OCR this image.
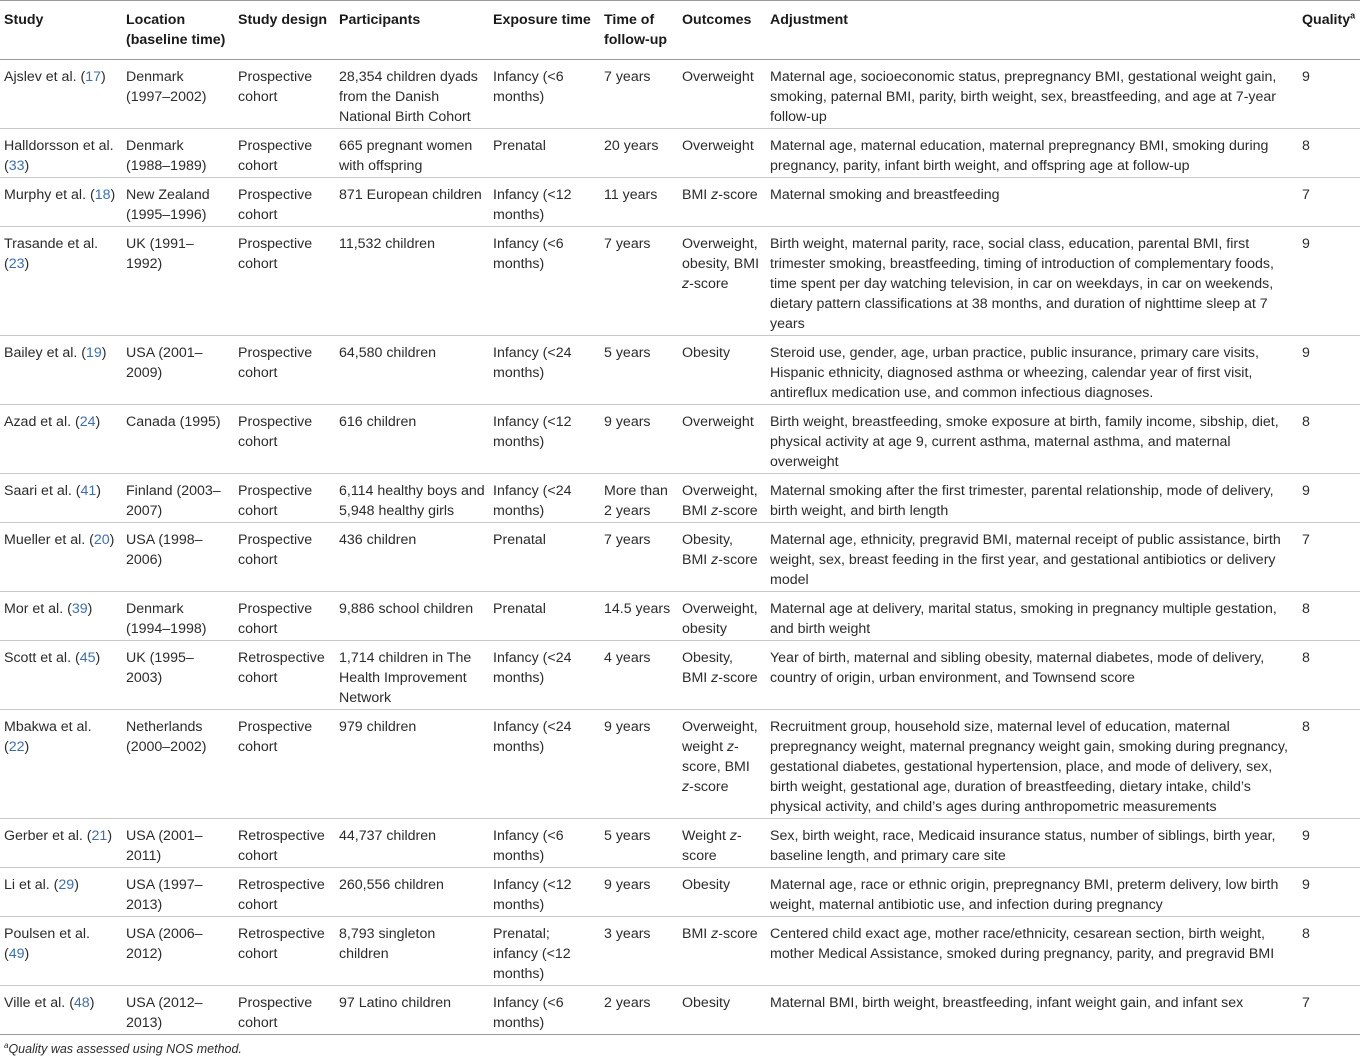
Study	Location (baseline time)	Study design	Participants	Exposure time	Time of follow-up	Outcomes	Adjustment	Quality$^a$
Ajslev et al. (17)	Denmark (1997–2002)	Prospective cohort	28,354 children dyads from the Danish National Birth Cohort	Infancy (<6 months)	7 years	Overweight	Maternal age, socioeconomic status, prepregnancy BMI, gestational weight gain, smoking, paternal BMI, parity, birth weight, sex, breastfeeding, and age at 7-year follow-up	9
Halldorsson et al. (33)	Denmark (1988–1989)	Prospective cohort	665 pregnant women with offspring	Prenatal	20 years	Overweight	Maternal age, maternal education, maternal prepregnancy BMI, smoking during pregnancy, parity, infant birth weight, and offspring age at follow-up	8
Murphy et al. (18)	New Zealand (1995–1996)	Prospective cohort	871 European children	Infancy (<12 months)	11 years	BMI z-score	Maternal smoking and breastfeeding	7
Trasande et al. (23)	UK (1991–1992)	Prospective cohort	11,532 children	Infancy (<6 months)	7 years	Overweight, obesity, BMI z-score	Birth weight, maternal parity, race, social class, education, parental BMI, first trimester smoking, breastfeeding, timing of introduction of complementary foods, time spent per day watching television, in car on weekdays, in car on weekends, dietary pattern classifications at 38 months, and duration of nighttime sleep at 7 years	9
Bailey et al. (19)	USA (2001–2009)	Prospective cohort	64,580 children	Infancy (<24 months)	5 years	Obesity	Steroid use, gender, age, urban practice, public insurance, primary care visits, Hispanic ethnicity, diagnosed asthma or wheezing, calendar year of first visit, antireflux medication use, and common infectious diagnoses.	9
Azad et al. (24)	Canada (1995)	Prospective cohort	616 children	Infancy (<12 months)	9 years	Overweight	Birth weight, breastfeeding, smoke exposure at birth, family income, sibship, diet, physical activity at age 9, current asthma, maternal asthma, and maternal overweight	8
Saari et al. (41)	Finland (2003–2007)	Prospective cohort	6,114 healthy boys and 5,948 healthy girls	Infancy (<24 months)	More than 2 years	Overweight, BMI z-score	Maternal smoking after the first trimester, parental relationship, mode of delivery, birth weight, and birth length	9
Mueller et al. (20)	USA (1998–2006)	Prospective cohort	436 children	Prenatal	7 years	Obesity, BMI z-score	Maternal age, ethnicity, pregravid BMI, maternal receipt of public assistance, birth weight, sex, breast feeding in the first year, and gestational antibiotics or delivery model	7
Mor et al. (39)	Denmark (1994–1998)	Prospective cohort	9,886 school children	Prenatal	14.5 years	Overweight, obesity	Maternal age at delivery, marital status, smoking in pregnancy multiple gestation, and birth weight	8
Scott et al. (45)	UK (1995–2003)	Retrospective cohort	1,714 children in The Health Improvement Network	Infancy (<24 months)	4 years	Obesity, BMI z-score	Year of birth, maternal and sibling obesity, maternal diabetes, mode of delivery, country of origin, urban environment, and Townsend score	8
Mbakwa et al. (22)	Netherlands (2000–2002)	Prospective cohort	979 children	Infancy (<24 months)	9 years	Overweight, weight z-score, BMI z-score	Recruitment group, household size, maternal level of education, maternal prepregnancy weight, maternal pregnancy weight gain, smoking during pregnancy, gestational diabetes, gestational hypertension, place, and mode of delivery, sex, birth weight, gestational age, duration of breastfeeding, dietary intake, child’s physical activity, and child’s ages during anthropometric measurements	8
Gerber et al. (21)	USA (2001–2011)	Retrospective cohort	44,737 children	Infancy (<6 months)	5 years	Weight z-score	Sex, birth weight, race, Medicaid insurance status, number of siblings, birth year, baseline length, and primary care site	9
Li et al. (29)	USA (1997–2013)	Retrospective cohort	260,556 children	Infancy (<12 months)	9 years	Obesity	Maternal age, race or ethnic origin, prepregnancy BMI, preterm delivery, low birth weight, maternal antibiotic use, and infection during pregnancy	9
Poulsen et al. (49)	USA (2006–2012)	Retrospective cohort	8,793 singleton children	Prenatal; infancy (<12 months)	3 years	BMI z-score	Centered child exact age, mother race/ethnicity, cesarean section, birth weight, mother Medical Assistance, smoked during pregnancy, parity, and pregravid BMI	8
Ville et al. (48)	USA (2012–2013)	Prospective cohort	97 Latino children	Infancy (<6 months)	2 years	Obesity	Maternal BMI, birth weight, breastfeeding, infant weight gain, and infant sex	7
$^a$Quality was assessed using NOS method.
